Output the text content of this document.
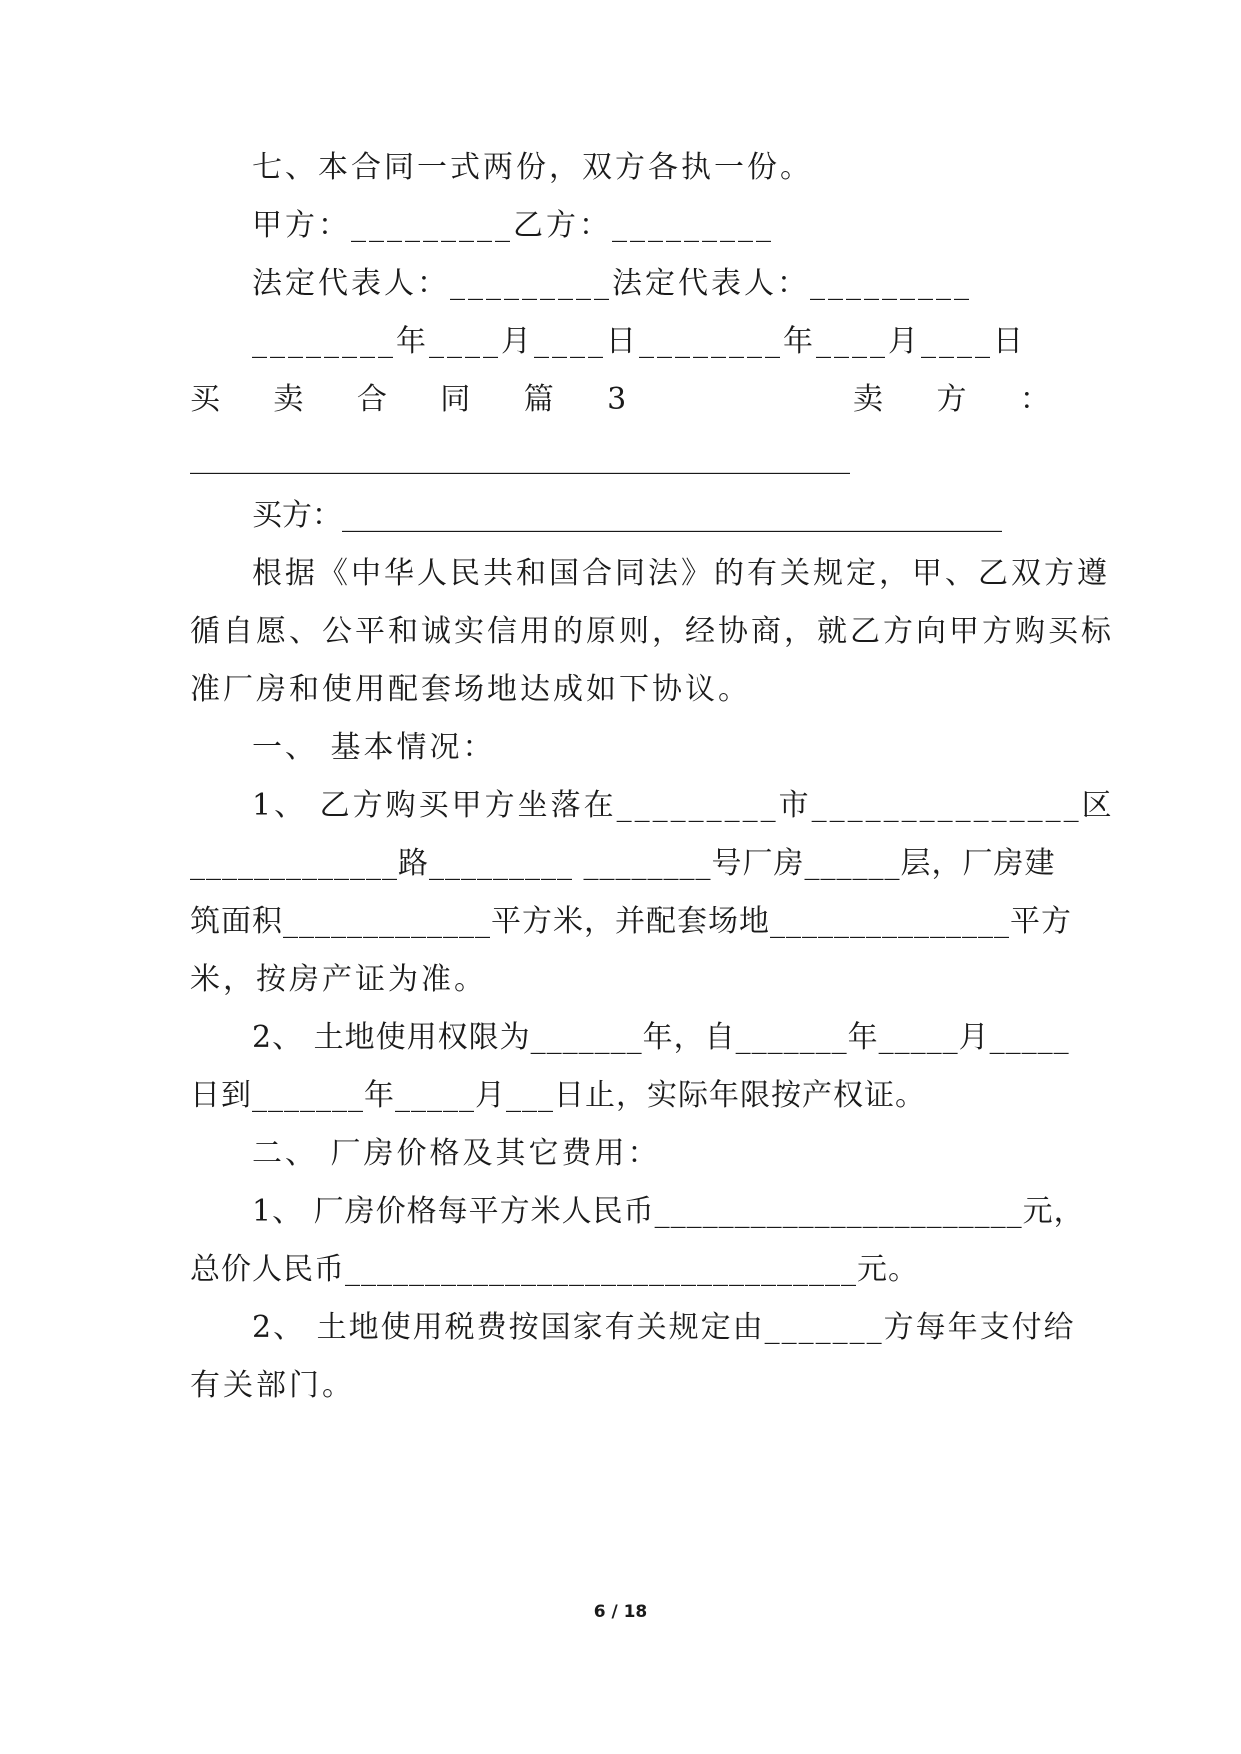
七、本合同一式两份，双方各执一份。
甲方：_________乙方：_________
法定代表人：_________法定代表人：_________
________年____月____日________年____月____日
买 卖 合 同 篇 3	卖 方 ：
____________________________________________
买方：____________________________________________
根据《中华人民共和国合同法》的有关规定，甲、乙双方遵
循自愿、公平和诚实信用的原则，经协商，就乙方向甲方购买标
准厂房和使用配套场地达成如下协议。
一、 基本情况：
1、 乙方购买甲方坐落在_________市_______________区
_____________路_________ ________号厂房______层，厂房建
筑面积_____________平方米，并配套场地_______________平方
米，按房产证为准。
2、 土地使用权限为_______年，自_______年_____月_____
日到_______年_____月___日止，实际年限按产权证。
二、 厂房价格及其它费用：
1、 厂房价格每平方米人民币_______________________元，
总价人民币________________________________元。
2、 土地使用税费按国家有关规定由_______方每年支付给
有关部门。
6 / 18
